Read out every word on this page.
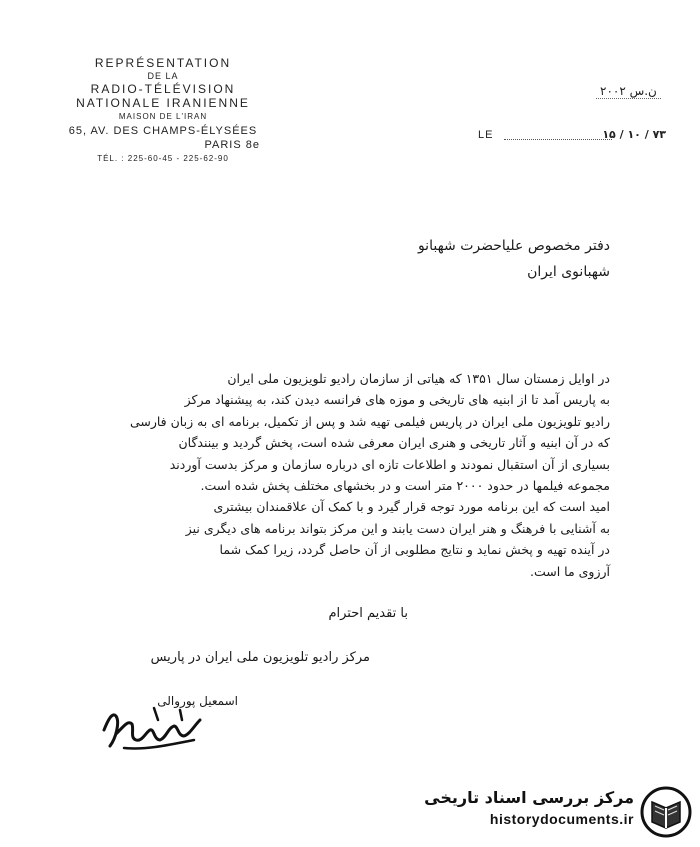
REPRÉSENTATION
DE LA
RADIO-TÉLÉVISION
NATIONALE IRANIENNE
MAISON DE L'IRAN
65, AV. DES CHAMPS-ÉLYSÉES
PARIS 8e
TÉL. : 225-60-45 - 225-62-90
ن.س ۲۰۰۲
LE	۷۳ / ۱۰ / ۱۵
دفتر مخصوص علیاحضرت شهبانو
شهبانوی ایران

در اوایل زمستان سال ۱۳۵۱ که هیاتی از سازمان رادیو تلویزیون ملی ایران

به پاریس آمد تا از ابنیه های تاریخی و موزه های فرانسه دیدن کند، به پیشنهاد مرکز

رادیو تلویزیون ملی ایران در پاریس فیلمی تهیه شد و پس از تکمیل، برنامه ای به زبان فارسی

که در آن ابنیه و آثار تاریخی و هنری ایران معرفی شده است، پخش گردید و بینندگان

بسیاری از آن استقبال نمودند و اطلاعات تازه ای درباره سازمان و مرکز بدست آوردند

مجموعه فیلمها در حدود ۲۰۰۰ متر است و در بخشهای مختلف پخش شده است.

امید است که این برنامه مورد توجه قرار گیرد و با کمک آن علاقمندان بیشتری

به آشنایی با فرهنگ و هنر ایران دست یابند و این مرکز بتواند برنامه های دیگری نیز

در آینده تهیه و پخش نماید و نتایج مطلوبی از آن حاصل گردد، زیرا کمک شما

آرزوی ما است.

با تقدیم احترام
مرکز رادیو تلویزیون ملی ایران در پاریس
اسمعیل پوروالی
مرکز بررسی اسناد تاریخی
historydocuments.ir
